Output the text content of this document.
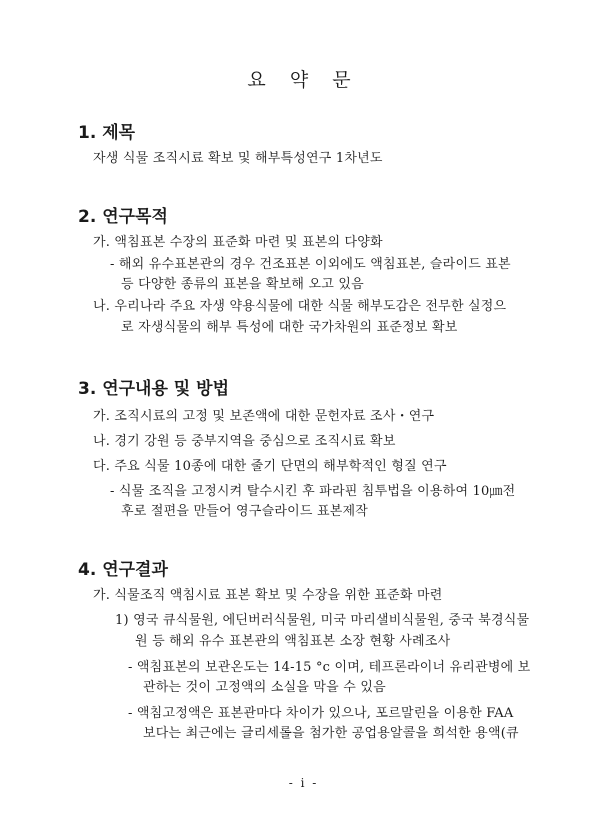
요 약 문
1. 제목
자생 식물 조직시료 확보 및 해부특성연구 1차년도
2. 연구목적
가. 액침표본 수장의 표준화 마련 및 표본의 다양화
- 해외 유수표본관의 경우 건조표본 이외에도 액침표본, 슬라이드 표본
등 다양한 종류의 표본을 확보해 오고 있음
나. 우리나라 주요 자생 약용식물에 대한 식물 해부도감은 전무한 실정으
로 자생식물의 해부 특성에 대한 국가차원의 표준정보 확보
3. 연구내용 및 방법
가. 조직시료의 고정 및 보존액에 대한 문헌자료 조사・연구
나. 경기 강원 등 중부지역을 중심으로 조직시료 확보
다. 주요 식물 10종에 대한 줄기 단면의 해부학적인 형질 연구
- 식물 조직을 고정시켜 탈수시킨 후 파라핀 침투법을 이용하여 10㎛전
후로 절편을 만들어 영구슬라이드 표본제작
4. 연구결과
가. 식물조직 액침시료 표본 확보 및 수장을 위한 표준화 마련
1) 영국 큐식물원, 에딘버러식물원, 미국 마리샐비식물원, 중국 북경식물
원 등 해외 유수 표본관의 액침표본 소장 현황 사례조사
- 액침표본의 보관온도는 14-15 °c 이며, 테프론라이너 유리관병에 보
관하는 것이 고정액의 소실을 막을 수 있음
- 액침고정액은 표본관마다 차이가 있으나, 포르말린을 이용한 FAA
보다는 최근에는 글리세롤을 첨가한 공업용알콜을 희석한 용액(큐
- i -
